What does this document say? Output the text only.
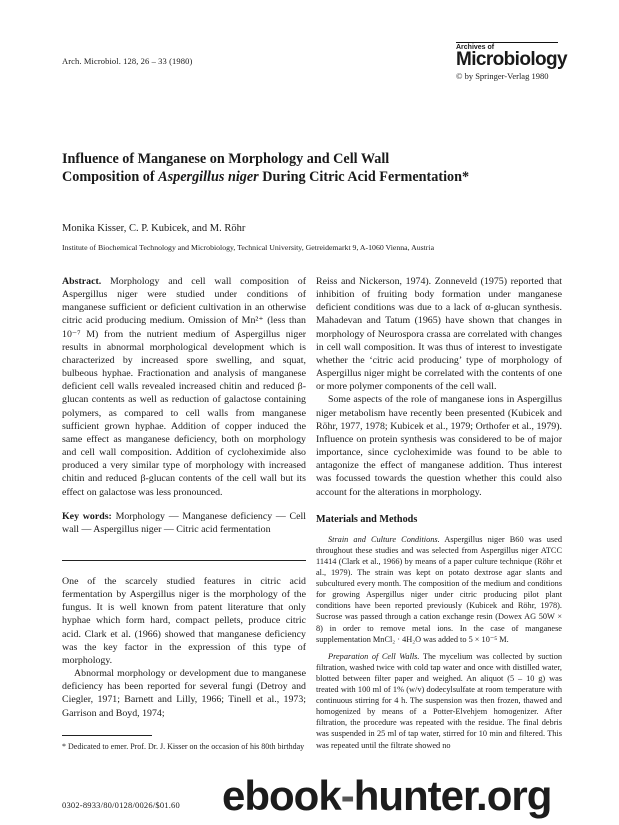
Arch. Microbiol. 128, 26 – 33 (1980)
Archives of
Microbiology
© by Springer-Verlag 1980
Influence of Manganese on Morphology and Cell Wall
Composition of Aspergillus niger During Citric Acid Fermentation*
Monika Kisser, C. P. Kubicek, and M. Röhr
Institute of Biochemical Technology and Microbiology, Technical University, Getreidemarkt 9, A-1060 Vienna, Austria

Abstract. Morphology and cell wall composition of Aspergillus niger were studied under conditions of manganese sufficient or deficient cultivation in an otherwise citric acid producing medium. Omission of Mn²⁺ (less than 10⁻⁷ M) from the nutrient medium of Aspergillus niger results in abnormal morphological development which is characterized by increased spore swelling, and squat, bulbeous hyphae. Fractionation and analysis of manganese deficient cell walls revealed increased chitin and reduced β-glucan contents as well as reduction of galactose containing polymers, as compared to cell walls from manganese sufficient grown hyphae. Addition of copper induced the same effect as manganese deficiency, both on morphology and cell wall composition. Addition of cycloheximide also produced a very similar type of morphology with increased chitin and reduced β-glucan contents of the cell wall but its effect on galactose was less pronounced.

Key words: Morphology — Manganese deficiency — Cell wall — Aspergillus niger — Citric acid fermentation

One of the scarcely studied features in citric acid fermentation by Aspergillus niger is the morphology of the fungus. It is well known from patent literature that only hyphae which form hard, compact pellets, produce citric acid. Clark et al. (1966) showed that manganese deficiency was the key factor in the expression of this type of morphology.

Abnormal morphology or development due to manganese deficiency has been reported for several fungi (Detroy and Ciegler, 1971; Barnett and Lilly, 1966; Tinell et al., 1973; Garrison and Boyd, 1974;

Reiss and Nickerson, 1974). Zonneveld (1975) reported that inhibition of fruiting body formation under manganese deficient conditions was due to a lack of α-glucan synthesis. Mahadevan and Tatum (1965) have shown that changes in morphology of Neurospora crassa are correlated with changes in cell wall composition. It was thus of interest to investigate whether the ‘citric acid producing’ type of morphology of Aspergillus niger might be correlated with the contents of one or more polymer components of the cell wall.

Some aspects of the role of manganese ions in Aspergillus niger metabolism have recently been presented (Kubicek and Röhr, 1977, 1978; Kubicek et al., 1979; Orthofer et al., 1979). Influence on protein synthesis was considered to be of major importance, since cycloheximide was found to be able to antagonize the effect of manganese addition. Thus interest was focussed towards the question whether this could also account for the alterations in morphology.

Materials and Methods

Strain and Culture Conditions. Aspergillus niger B60 was used throughout these studies and was selected from Aspergillus niger ATCC 11414 (Clark et al., 1966) by means of a paper culture technique (Röhr et al., 1979). The strain was kept on potato dextrose agar slants and subcultured every month. The composition of the medium and conditions for growing Aspergillus niger under citric producing pilot plant conditions have been reported previously (Kubicek and Röhr, 1978). Sucrose was passed through a cation exchange resin (Dowex AG 50W × 8) in order to remove metal ions. In the case of manganese supplementation MnCl₂ · 4H₂O was added to 5 × 10⁻⁵ M.

Preparation of Cell Walls. The mycelium was collected by suction filtration, washed twice with cold tap water and once with distilled water, blotted between filter paper and weighed. An aliquot (5 – 10 g) was treated with 100 ml of 1% (w/v) dodecylsulfate at room temperature with continuous stirring for 4 h. The suspension was then frozen, thawed and homogenized by means of a Potter-Elvehjem homogenizer. After filtration, the procedure was repeated with the residue. The final debris was suspended in 25 ml of tap water, stirred for 10 min and filtered. This was repeated until the filtrate showed no

* Dedicated to emer. Prof. Dr. J. Kisser on the occasion of his 80th birthday
0302-8933/80/0128/0026/$01.60 ebook-hunter.org
